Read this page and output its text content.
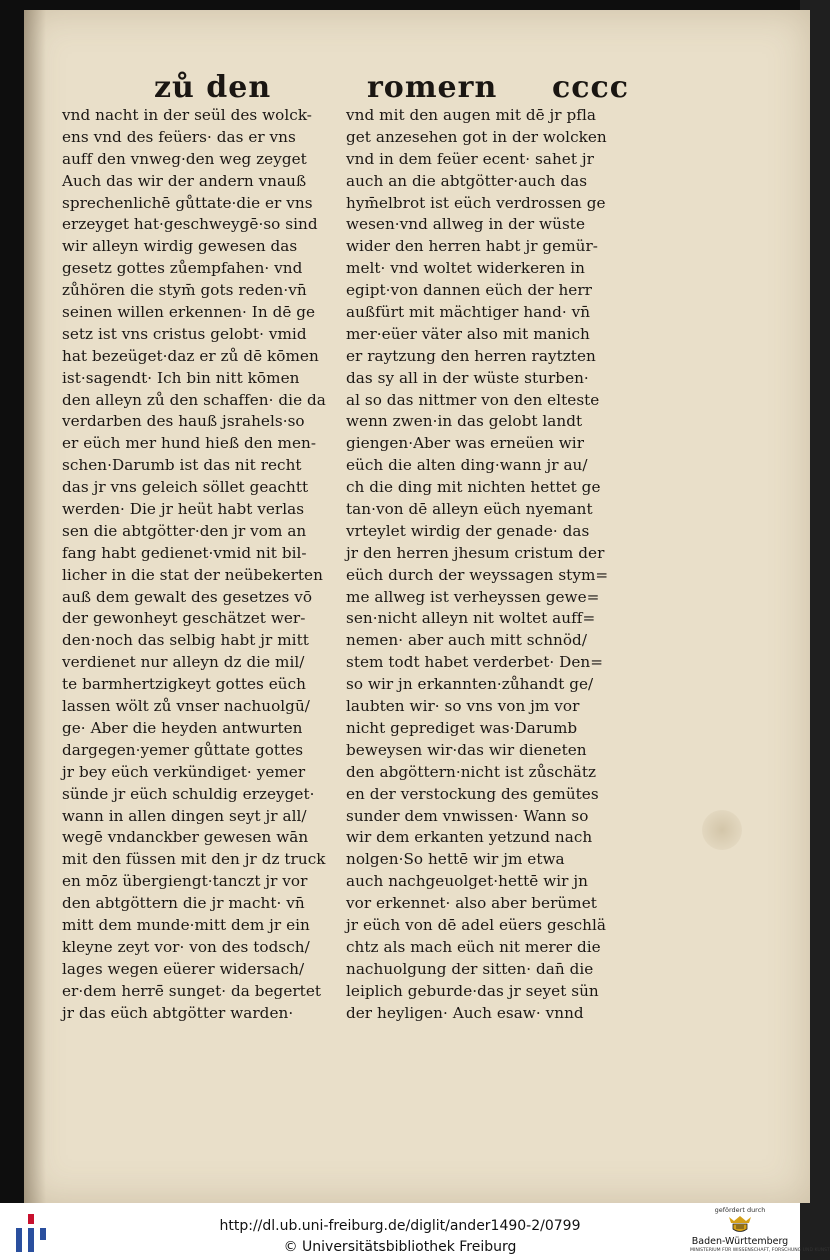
zů den	romern cccc
vnd nacht in der seül des wolck-
ens vnd des feüers· das er vns
auff den vnweg·den weg zeyget
Auch das wir der andern vnauß
sprechenlichē gůttate·die er vns
erzeyget hat·geschweygē·so sind
wir alleyn wirdig gewesen das
gesetz gottes zůempfahen· vnd
zůhören die stym̄ gots reden·vn̄
seinen willen erkennen· In dē ge
setz ist vns cristus gelobt· vmid
hat bezeüget·daz er zů dē kōmen
ist·sagendt· Ich bin nitt kōmen
den alleyn zů den schaffen· die da
verdarben des hauß jsrahels·so
er eüch mer hund hieß den men-
schen·Darumb ist das nit recht
das jr vns geleich söllet geachtt
werden· Die jr heüt habt verlas
sen die abtgötter·den jr vom an
fang habt gedienet·vmid nit bil-
licher in die stat der neübekerten
auß dem gewalt des gesetzes vō
der gewonheyt geschätzet wer-
den·noch das selbig habt jr mitt
verdienet nur alleyn dz die mil/
te barmhertzigkeyt gottes eüch
lassen wölt zů vnser nachuolgū/
ge· Aber die heyden antwurten
dargegen·yemer gůttate gottes
jr bey eüch verkündiget· yemer
sünde jr eüch schuldig erzeyget·
wann in allen dingen seyt jr all/
wegē vndanckber gewesen wān
mit den füssen mit den jr dz truck
en mōz übergiengt·tanczt jr vor
den abtgöttern die jr macht· vn̄
mitt dem munde·mitt dem jr ein
kleyne zeyt vor· von des todsch/
lages wegen eüerer widersach/
er·dem herrē̄ sunget· da begertet
jr das eüch abtgötter warden·
vnd mit den augen mit dē jr pfla
get anzesehen got in der wolcken
vnd in dem feüer ecent· sahet jr
auch an die abtgötter·auch das
hym̄elbrot ist eüch verdrossen ge
wesen·vnd allweg in der wüste
wider den herren habt jr gemür-
melt· vnd woltet widerkeren in
egipt·von dannen eüch der herr
außfürt mit mächtiger hand· vn̄
mer·eüer väter also mit manich
er raytzung den herren raytzten
das sy all in der wüste sturben·
al so das nittmer von den elteste
wenn zwen·in das gelobt landt
giengen·Aber was erneüen wir
eüch die alten ding·wann jr au/
ch die ding mit nichten hettet ge
tan·von dē alleyn eüch nyemant
vrteylet wirdig der genade· das
jr den herren jhesum cristum der
eüch durch der weyssagen stym=
me allweg ist verheyssen gewe=
sen·nicht alleyn nit woltet auff=
nemen· aber auch mitt schnöd/
stem todt habet verderbet· Den=
so wir jn erkannten·zůhandt ge/
laubten wir· so vns von jm vor
nicht geprediget was·Darumb
beweysen wir·das wir dieneten
den abgöttern·nicht ist zůschätz
en der verstockung des gemütes
sunder dem vnwissen· Wann so
wir dem erkanten yetzund nach
nolgen·So hettē wir jm etwa
auch nachgeuolget·hettē wir jn
vor erkennet· also aber berümet
jr eüch von dē adel eüers geschlä
chtz als mach eüch nit merer die
nachuolgung der sitten· dan̄ die
leiplich geburde·das jr seyet sün
der heyligen· Auch esaw· vnnd
http://dl.ub.uni-freiburg.de/diglit/ander1490-2/0799
© Universitätsbibliothek Freiburg
gefördert durch
Baden-Württemberg
MINISTERIUM FÜR WISSENSCHAFT, FORSCHUNG UND KUNST
